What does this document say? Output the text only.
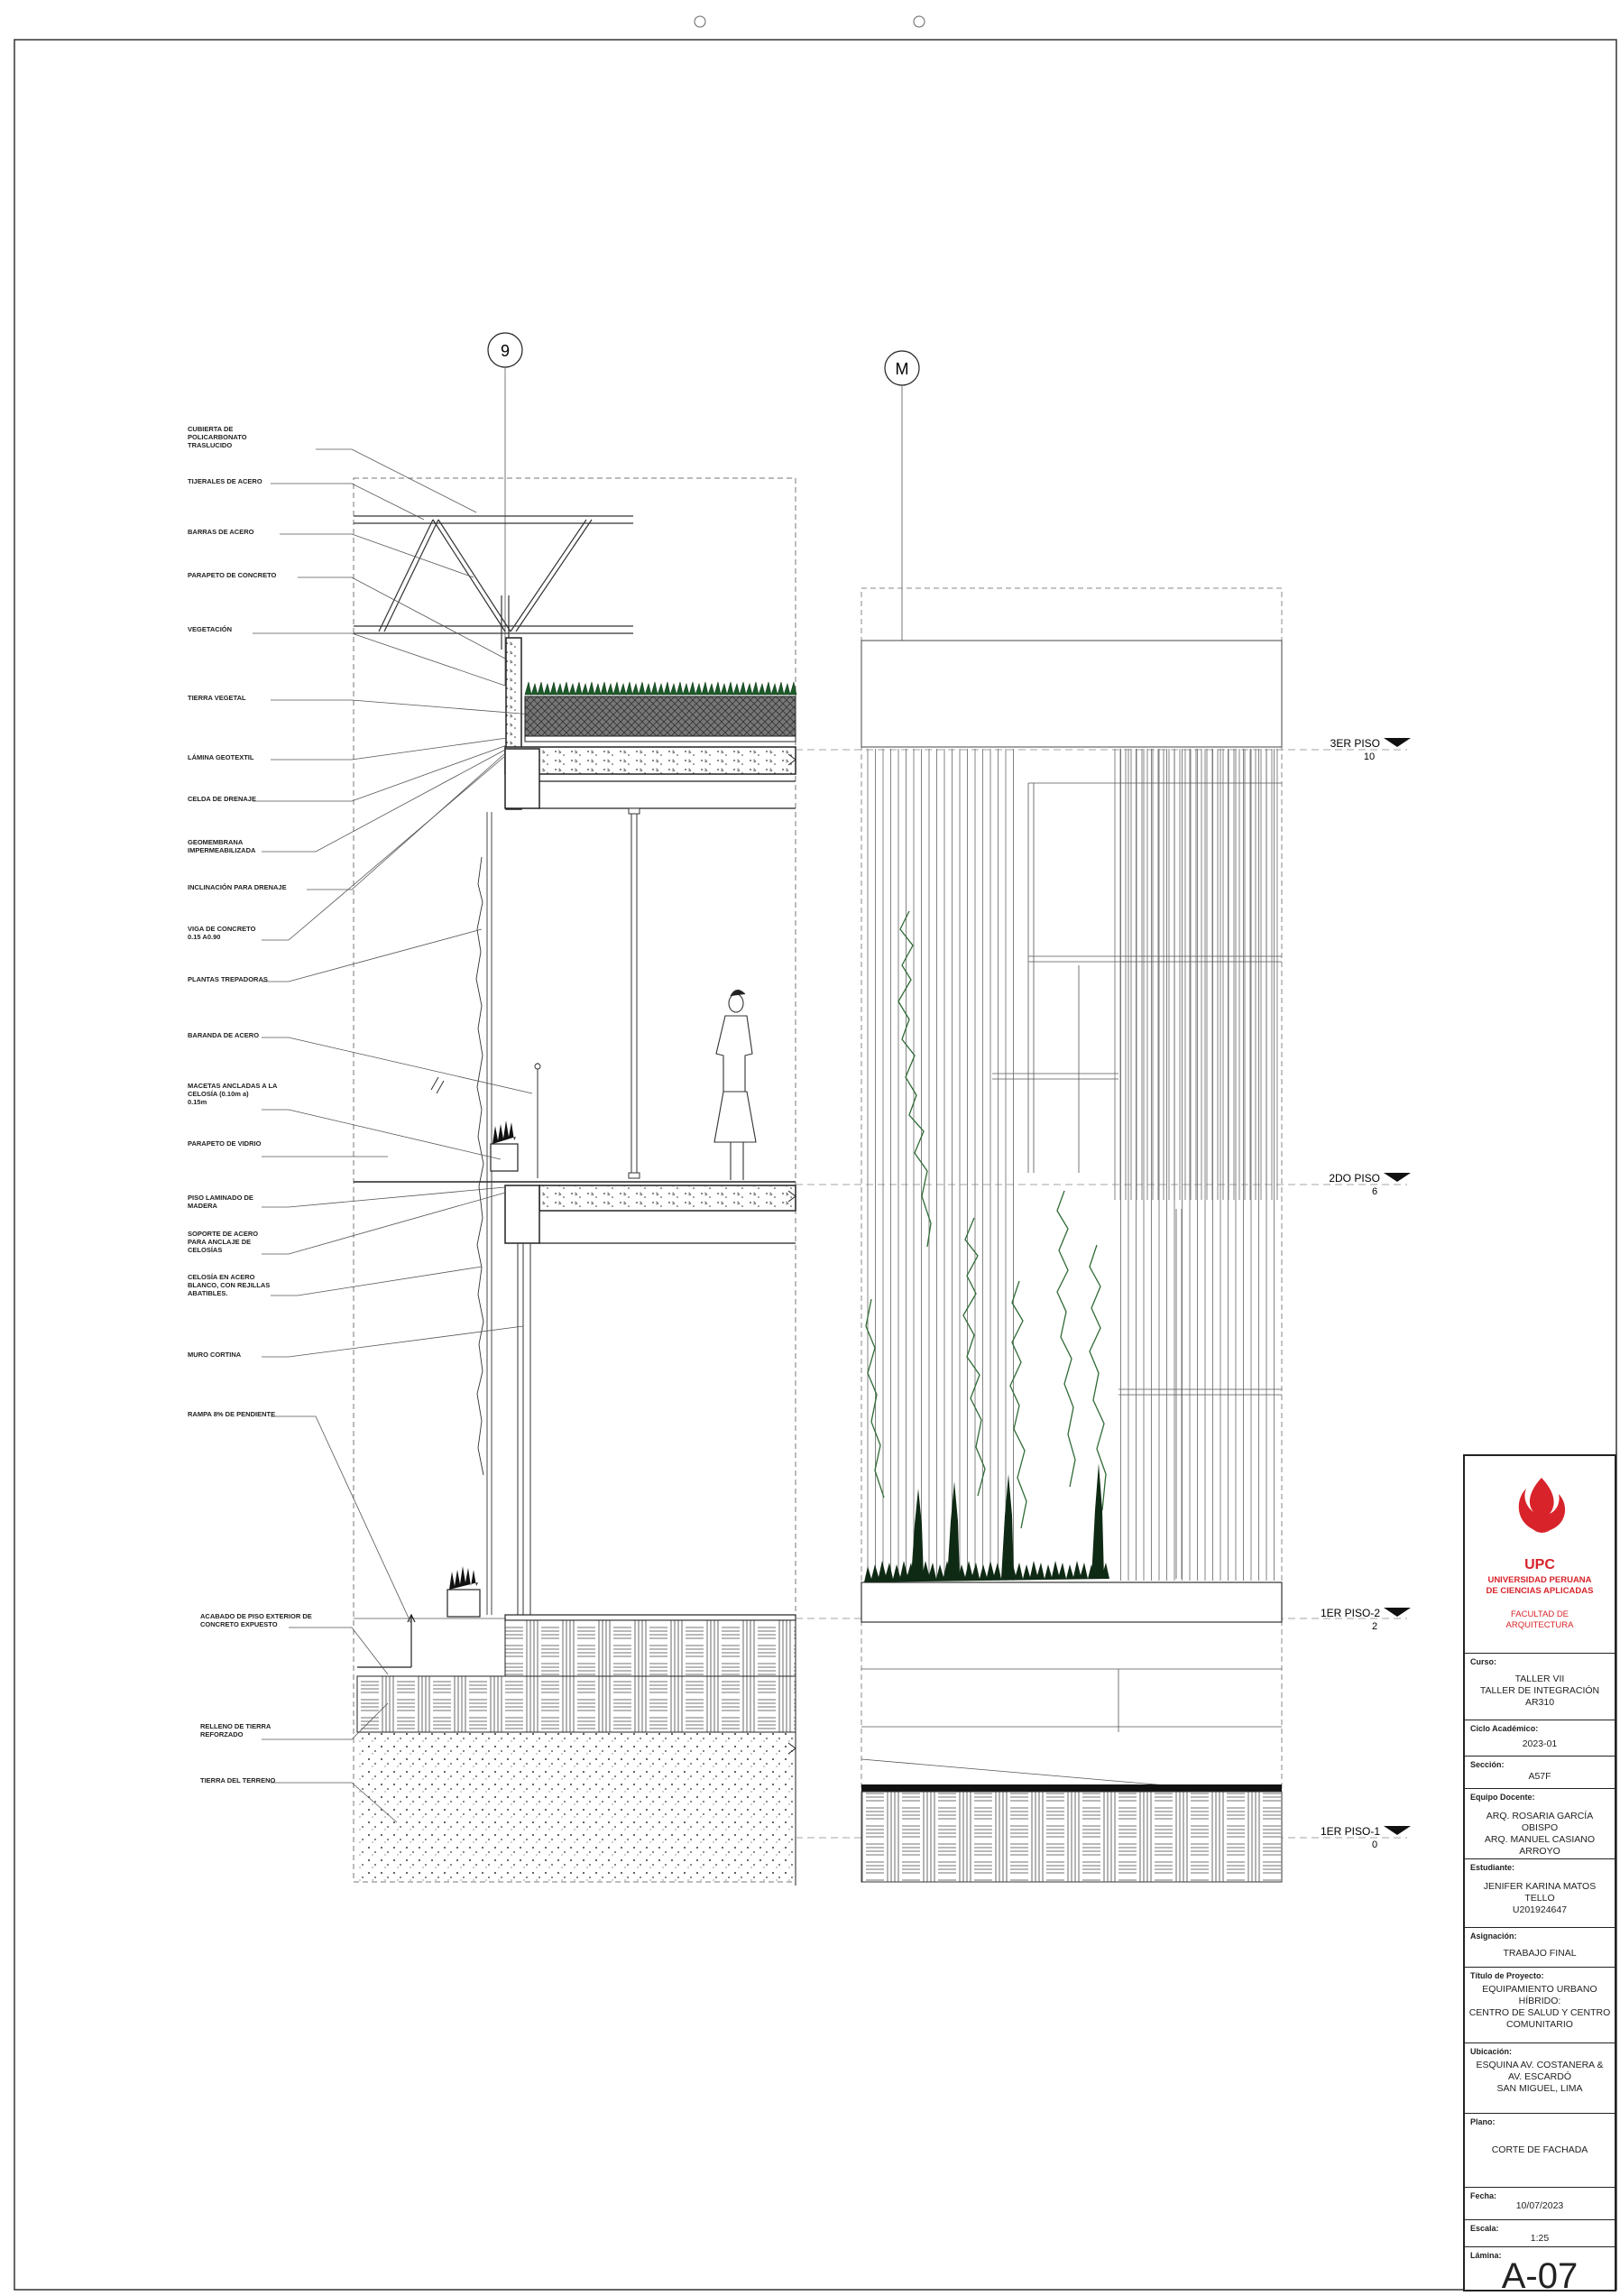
9
M
3ER PISO
10
2DO PISO
6
1ER PISO-2
2
1ER PISO-1
0
CUBIERTA DE POLICARBONATO TRASLUCIDO
TIJERALES DE ACERO
BARRAS DE ACERO
PARAPETO DE CONCRETO
VEGETACIÓN
TIERRA VEGETAL
LÁMINA GEOTEXTIL
CELDA DE DRENAJE
GEOMEMBRANA IMPERMEABILIZADA
INCLINACIÓN PARA DRENAJE
VIGA DE CONCRETO 0.15 A0.90
PLANTAS TREPADORAS
BARANDA DE ACERO
MACETAS ANCLADAS A LA CELOSÍA (0.10m a) 0.15m
PARAPETO DE VIDRIO
PISO LAMINADO DE MADERA
SOPORTE DE ACERO PARA ANCLAJE DE CELOSÍAS
CELOSÍA EN ACERO BLANCO, CON REJILLAS ABATIBLES.
MURO CORTINA
RAMPA 8% DE PENDIENTE
ACABADO DE PISO EXTERIOR DE CONCRETO EXPUESTO
RELLENO DE TIERRA REFORZADO
TIERRA DEL TERRENO
UPC
UNIVERSIDAD PERUANA
DE CIENCIAS APLICADAS
FACULTAD DE
ARQUITECTURA
Curso:
TALLER VII
TALLER DE INTEGRACIÓN
AR310
Ciclo Académico:
2023-01
Sección:
A57F
Equipo Docente:
ARQ. ROSARIA GARCÍA OBISPO
ARQ. MANUEL CASIANO
ARROYO
Estudiante:
JENIFER KARINA MATOS
TELLO
U201924647
Asignación:
TRABAJO FINAL
Título de Proyecto:
EQUIPAMIENTO URBANO
HÍBRIDO:
CENTRO DE SALUD Y CENTRO
COMUNITARIO
Ubicación:
ESQUINA AV. COSTANERA &
AV. ESCARDÓ
SAN MIGUEL, LIMA
Plano:
CORTE DE FACHADA
Fecha:
10/07/2023
Escala:
1:25
Lámina:
A-07
